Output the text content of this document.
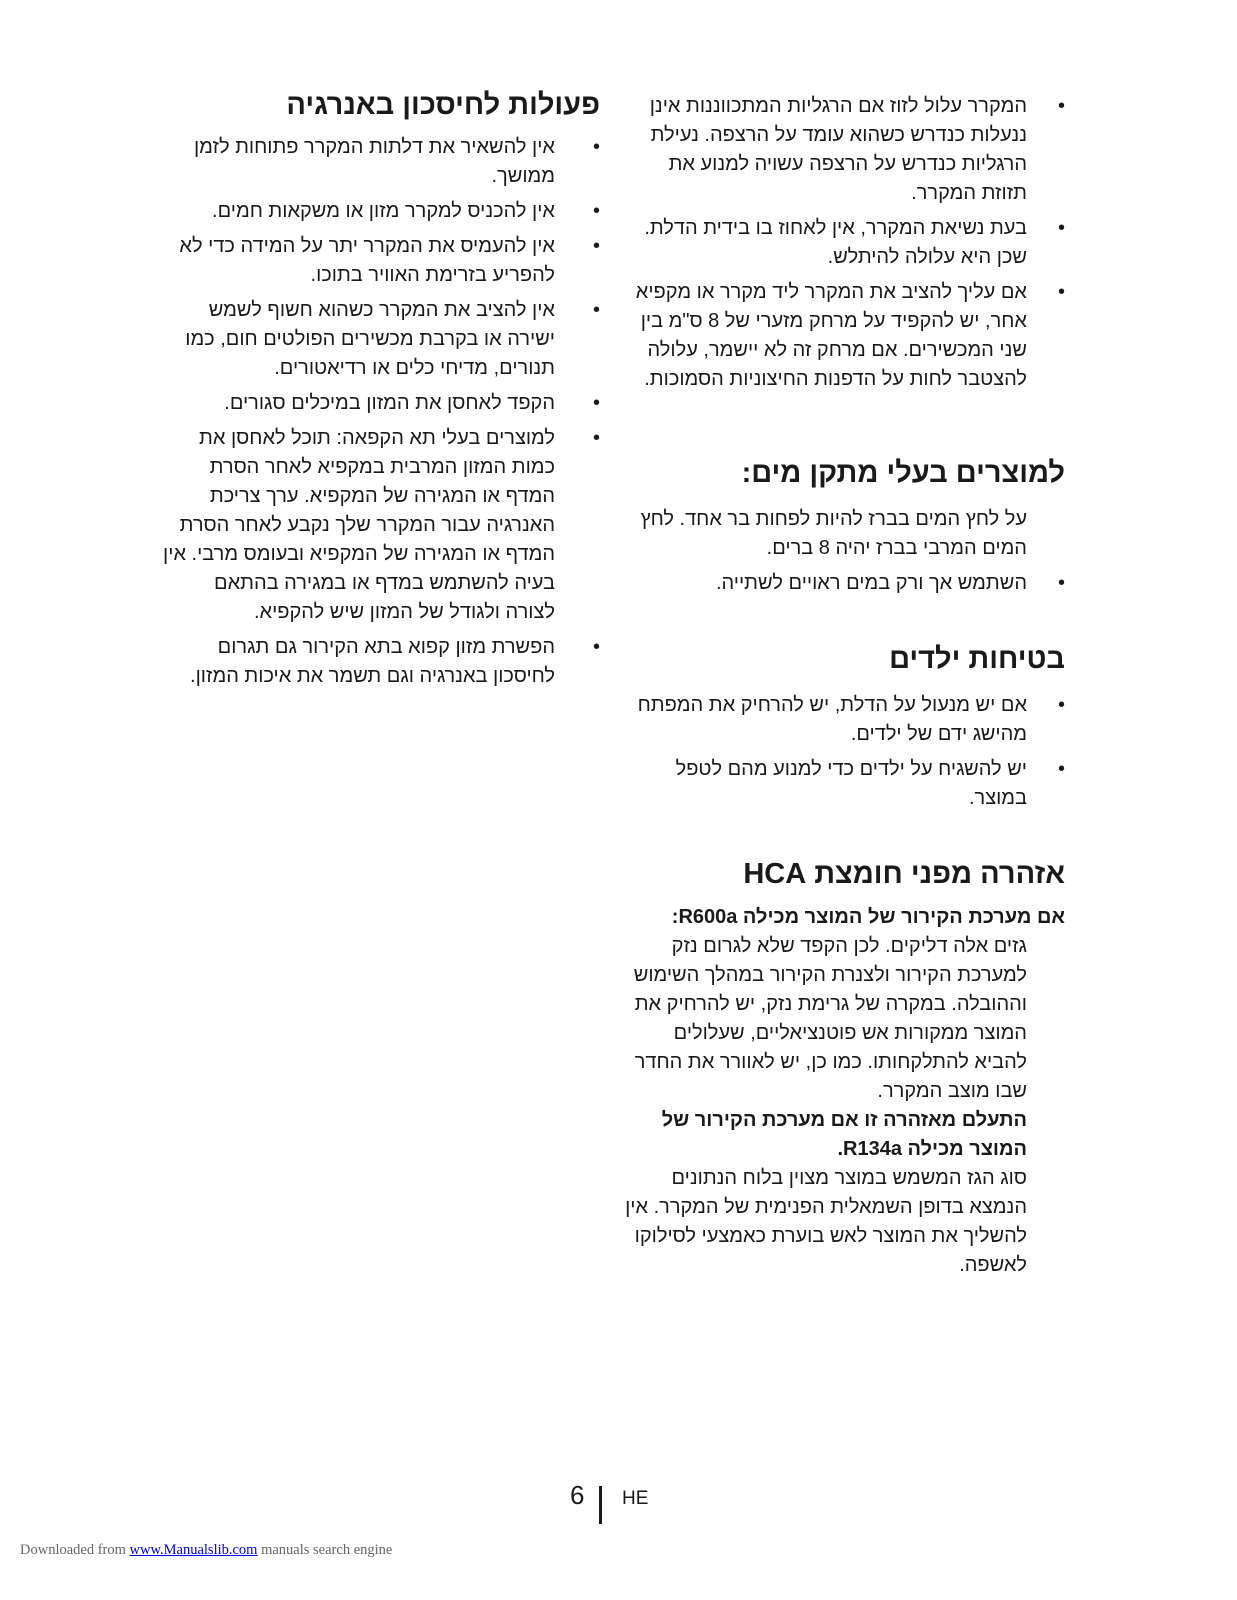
• המקרר עלול לזוז אם הרגליות המתכווננות אינן ננעלות כנדרש כשהוא עומד על הרצפה. נעילת הרגליות כנדרש על הרצפה עשויה למנוע את תזוזת המקרר.
• בעת נשיאת המקרר, אין לאחוז בו בידית הדלת. שכן היא עלולה להיתלש.
• אם עליך להציב את המקרר ליד מקרר או מקפיא אחר, יש להקפיד על מרחק מזערי של 8 ס"מ בין שני המכשירים. אם מרחק זה לא יישמר, עלולה להצטבר לחות על הדפנות החיצוניות הסמוכות.
למוצרים בעלי מתקן מים:

על לחץ המים בברז להיות לפחות בר אחד. לחץ המים המרבי בברז יהיה 8 ברים.

• השתמש אך ורק במים ראויים לשתייה.
בטיחות ילדים
• אם יש מנעול על הדלת, יש להרחיק את המפתח מהישג ידם של ילדים.
• יש להשגיח על ילדים כדי למנוע מהם לטפל במוצר.
אזהרה מפני חומצת HCA

אם מערכת הקירור של המוצר מכילה R600a:

גזים אלה דליקים. לכן הקפד שלא לגרום נזק למערכת הקירור ולצנרת הקירור במהלך השימוש וההובלה. במקרה של גרימת נזק, יש להרחיק את המוצר ממקורות אש פוטנציאליים, שעלולים להביא להתלקחותו. כמו כן, יש לאוורר את החדר שבו מוצב המקרר.

התעלם מאזהרה זו אם מערכת הקירור של המוצר מכילה R134a.

סוג הגז המשמש במוצר מצוין בלוח הנתונים הנמצא בדופן השמאלית הפנימית של המקרר. אין להשליך את המוצר לאש בוערת כאמצעי לסילוקו לאשפה.

פעולות לחיסכון באנרגיה
• אין להשאיר את דלתות המקרר פתוחות לזמן ממושך.
• אין להכניס למקרר מזון או משקאות חמים.
• אין להעמיס את המקרר יתר על המידה כדי לא להפריע בזרימת האוויר בתוכו.
• אין להציב את המקרר כשהוא חשוף לשמש ישירה או בקרבת מכשירים הפולטים חום, כמו תנורים, מדיחי כלים או רדיאטורים.
• הקפד לאחסן את המזון במיכלים סגורים.
• למוצרים בעלי תא הקפאה: תוכל לאחסן את כמות המזון המרבית במקפיא לאחר הסרת המדף או המגירה של המקפיא. ערך צריכת האנרגיה עבור המקרר שלך נקבע לאחר הסרת המדף או המגירה של המקפיא ובעומס מרבי. אין בעיה להשתמש במדף או במגירה בהתאם לצורה ולגודל של המזון שיש להקפיא.
• הפשרת מזון קפוא בתא הקירור גם תגרום לחיסכון באנרגיה וגם תשמר את איכות המזון.
6 HE
Downloaded from www.Manualslib.com manuals search engine
